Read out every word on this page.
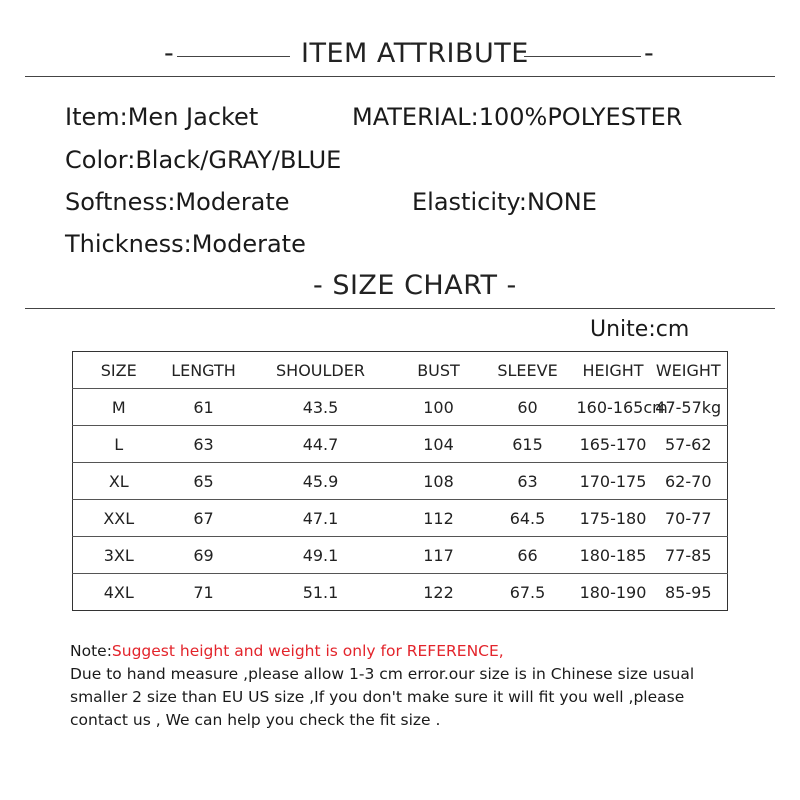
-	ITEM ATTRIBUTE	-
Item:Men Jacket	MATERIAL:100%POLYESTER
Color:Black/GRAY/BLUE
Softness:Moderate	Elasticity:NONE
Thickness:Moderate
- SIZE CHART -
Unite:cm
SIZE	LENGTH	SHOULDER	BUST	SLEEVE	HEIGHT	WEIGHT
M	61	43.5	100	60	160-165cm	47-57kg
L	63	44.7	104	615	165-170	57-62
XL	65	45.9	108	63	170-175	62-70
XXL	67	47.1	112	64.5	175-180	70-77
3XL	69	49.1	117	66	180-185	77-85
4XL	71	51.1	122	67.5	180-190	85-95
Note:Suggest height and weight is only for REFERENCE,
Due to hand measure ,please allow 1-3 cm error.our size is in Chinese size usual
smaller 2 size than EU US size ,If you don't make sure it will fit you well ,please
contact us , We can help you check the fit size .
